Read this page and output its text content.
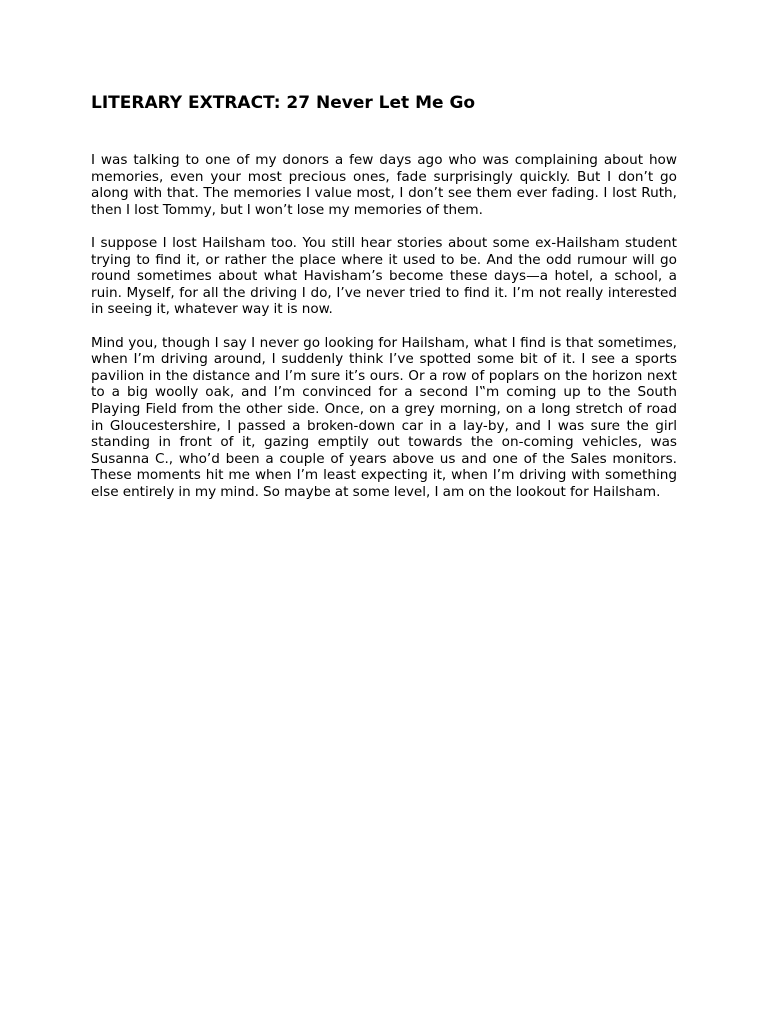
LITERARY EXTRACT: 27 Never Let Me Go

I was talking to one of my donors a few days ago who was complaining about how memories, even your most precious ones, fade surprisingly quickly. But I don’t go along with that. The memories I value most, I don’t see them ever fading. I lost Ruth, then I lost Tommy, but I won’t lose my memories of them.

I suppose I lost Hailsham too. You still hear stories about some ex-Hailsham student trying to find it, or rather the place where it used to be. And the odd rumour will go round sometimes about what Havisham’s become these days—a hotel, a school, a ruin. Myself, for all the driving I do, I’ve never tried to find it. I’m not really interested in seeing it, whatever way it is now.

Mind you, though I say I never go looking for Hailsham, what I find is that sometimes, when I’m driving around, I suddenly think I’ve spotted some bit of it. I see a sports pavilion in the distance and I’m sure it’s ours. Or a row of poplars on the horizon next to a big woolly oak, and I’m convinced for a second I‟m coming up to the South Playing Field from the other side. Once, on a grey morning, on a long stretch of road in Gloucestershire, I passed a broken-down car in a lay-by, and I was sure the girl standing in front of it, gazing emptily out towards the on-coming vehicles, was Susanna C., who’d been a couple of years above us and one of the Sales monitors. These moments hit me when I’m least expecting it, when I’m driving with something else entirely in my mind. So maybe at some level, I am on the lookout for Hailsham.
